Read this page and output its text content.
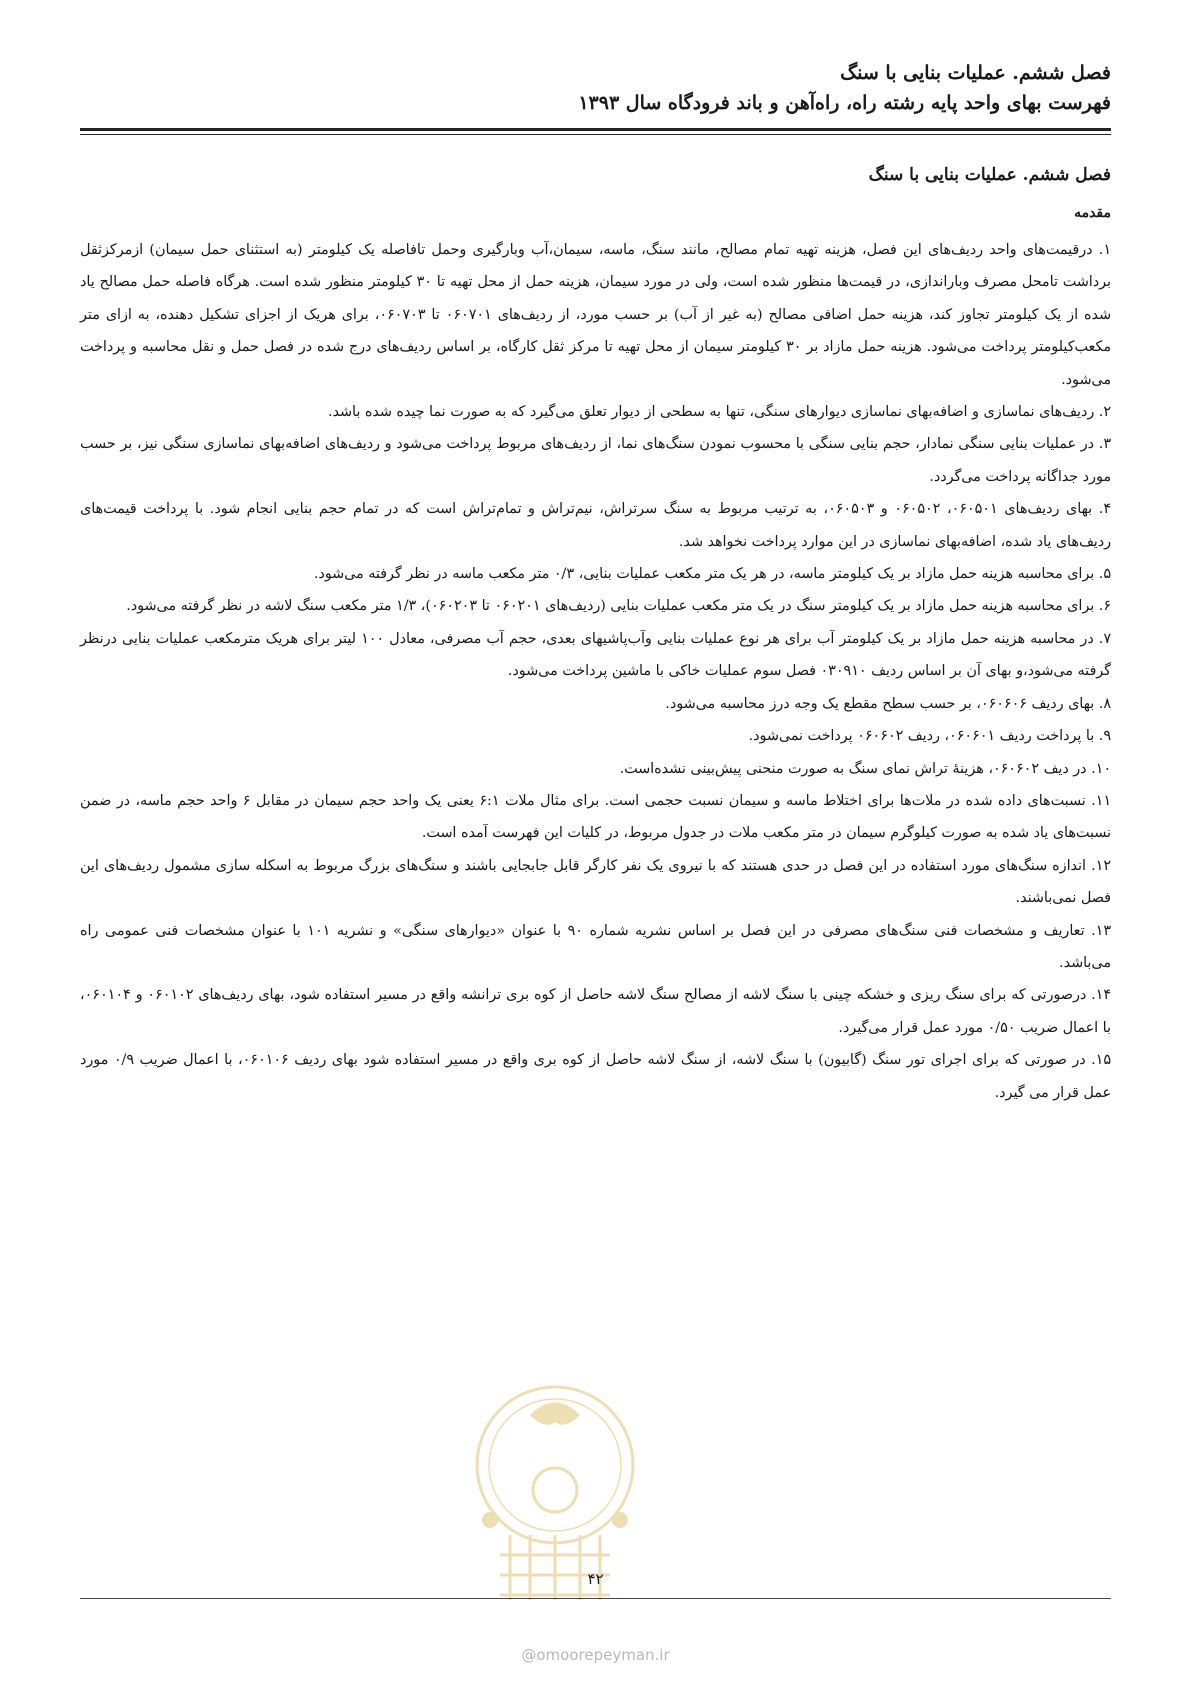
فصل ششم. عملیات بنایی با سنگ

فهرست بهای واحد پایه رشته راه، راه‌آهن و باند فرودگاه سال ۱۳۹۳

فصل ششم. عملیات بنایی با سنگ

مقدمه

۱. درقیمت‌های واحد ردیف‌های این فصل، هزینه تهیه تمام مصالح، مانند سنگ، ماسه، سیمان،آب وبارگیری وحمل تافاصله یک کیلومتر (به استثنای حمل سیمان) ازمرکزثقل برداشت تامحل مصرف وباراندازی، در قیمت‌ها منظور شده است، ولی در مورد سیمان، هزینه حمل از محل تهیه تا ۳۰ کیلومتر منظور شده است. هرگاه فاصله حمل مصالح یاد شده از یک کیلومتر تجاوز کند، هزینه حمل اضافی مصالح (به غیر از آب) بر حسب مورد، از ردیف‌های ۰۶۰۷۰۱ تا ۰۶۰۷۰۳، برای هریک از اجزای تشکیل دهنده، به ازای متر مکعب‌کیلومتر پرداخت می‌شود. هزینه حمل مازاد بر ۳۰ کیلومتر سیمان از محل تهیه تا مرکز ثقل کارگاه، بر اساس ردیف‌های درج شده در فصل حمل و نقل محاسبه و پرداخت می‌شود.

۲. ردیف‌های نماسازی و اضافه‌بهای نماسازی دیوارهای سنگی، تنها به سطحی از دیوار تعلق می‌گیرد که به صورت نما چیده شده باشد.

۳. در عملیات بنایی سنگی نمادار، حجم بنایی سنگی با محسوب نمودن سنگ‌های نما، از ردیف‌های مربوط پرداخت می‌شود و ردیف‌های اضافه‌بهای نماسازی سنگی نیز، بر حسب مورد جداگانه پرداخت می‌گردد.

۴. بهای ردیف‌های ۰۶۰۵۰۱، ۰۶۰۵۰۲ و ۰۶۰۵۰۳، به ترتیب مربوط به سنگ سرتراش، نیم‌تراش و تمام‌تراش است که در تمام حجم بنایی انجام شود. با پرداخت قیمت‌های ردیف‌های یاد شده، اضافه‌بهای نماسازی در این موارد پرداخت نخواهد شد.

۵. برای محاسبه هزینه حمل مازاد بر یک کیلومتر ماسه، در هر یک متر مکعب عملیات بنایی، ۰/۳ متر مکعب ماسه در نظر گرفته می‌شود.

۶. برای محاسبه هزینه حمل مازاد بر یک کیلومتر سنگ در یک متر مکعب عملیات بنایی (ردیف‌های ۰۶۰۲۰۱ تا ۰۶۰۲۰۳)، ۱/۳ متر مکعب سنگ لاشه در نظر گرفته می‌شود.

۷. در محاسبه هزینه حمل مازاد بر یک کیلومتر آب برای هر نوع عملیات بنایی وآب‌پاشیهای بعدی، حجم آب مصرفی، معادل ۱۰۰ لیتر برای هریک مترمکعب عملیات بنایی درنظر گرفته می‌شود،و بهای آن بر اساس ردیف ۰۳۰۹۱۰ فصل سوم عملیات خاکی با ماشین پرداخت می‌شود.

۸. بهای ردیف ۰۶۰۶۰۶، بر حسب سطح مقطع یک وجه درز محاسبه می‌شود.

۹. با پرداخت ردیف ۰۶۰۶۰۱، ردیف ۰۶۰۶۰۲ پرداخت نمی‌شود.

۱۰. در دیف ۰۶۰۶۰۲، هزینهٔ تراش نمای سنگ به صورت منحنی پیش‌بینی نشده‌است.

۱۱. نسبت‌های داده شده در ملات‌ها برای اختلاط ماسه و سیمان نسبت حجمی است. برای مثال ملات ۶:۱ یعنی یک واحد حجم سیمان در مقابل ۶ واحد حجم ماسه، در ضمن نسبت‌های یاد شده به صورت کیلوگرم سیمان در متر مکعب ملات در جدول مربوط، در کلیات این فهرست آمده است.

۱۲. اندازه سنگ‌های مورد استفاده در این فصل در حدی هستند که با نیروی یک نفر کارگر قابل جابجایی باشند و سنگ‌های بزرگ مربوط به اسکله سازی مشمول ردیف‌های این فصل نمی‌باشند.

۱۳. تعاریف و مشخصات فنی سنگ‌های مصرفی در این فصل بر اساس نشریه شماره ۹۰ با عنوان «دیوارهای سنگی» و نشریه ۱۰۱ با عنوان مشخصات فنی عمومی راه می‌باشد.

۱۴. درصورتی که برای سنگ ریزی و خشکه چینی با سنگ لاشه از مصالح سنگ لاشه حاصل از کوه بری ترانشه واقع در مسیر استفاده شود، بهای ردیف‌های ۰۶۰۱۰۲ و ۰۶۰۱۰۴، با اعمال ضریب ۰/۵۰ مورد عمل قرار می‌گیرد.

۱۵. در صورتی که برای اجرای تور سنگ (گابیون) با سنگ لاشه، از سنگ لاشه حاصل از کوه بری واقع در مسیر استفاده شود بهای ردیف ۰۶۰۱۰۶، با اعمال ضریب ۰/۹ مورد عمل قرار می گیرد.

۴۲
@omoorepeyman.ir
